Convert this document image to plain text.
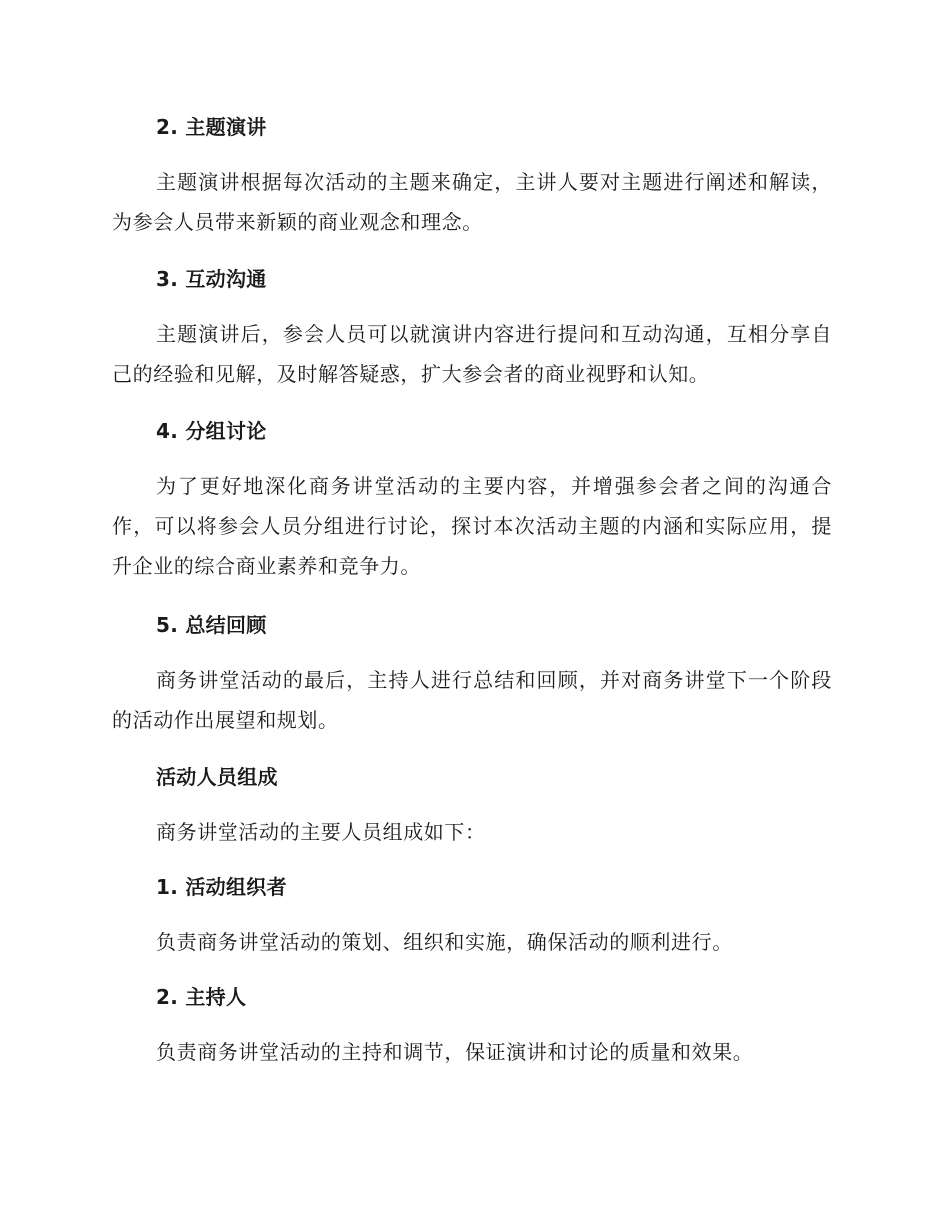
2. 主题演讲
主题演讲根据每次活动的主题来确定，主讲人要对主题进行阐述和解读，为参会人员带来新颖的商业观念和理念。
3. 互动沟通
主题演讲后，参会人员可以就演讲内容进行提问和互动沟通，互相分享自己的经验和见解，及时解答疑惑，扩大参会者的商业视野和认知。
4. 分组讨论
为了更好地深化商务讲堂活动的主要内容，并增强参会者之间的沟通合作，可以将参会人员分组进行讨论，探讨本次活动主题的内涵和实际应用，提升企业的综合商业素养和竞争力。
5. 总结回顾
商务讲堂活动的最后，主持人进行总结和回顾，并对商务讲堂下一个阶段的活动作出展望和规划。
活动人员组成
商务讲堂活动的主要人员组成如下：
1. 活动组织者
负责商务讲堂活动的策划、组织和实施，确保活动的顺利进行。
2. 主持人
负责商务讲堂活动的主持和调节，保证演讲和讨论的质量和效果。
